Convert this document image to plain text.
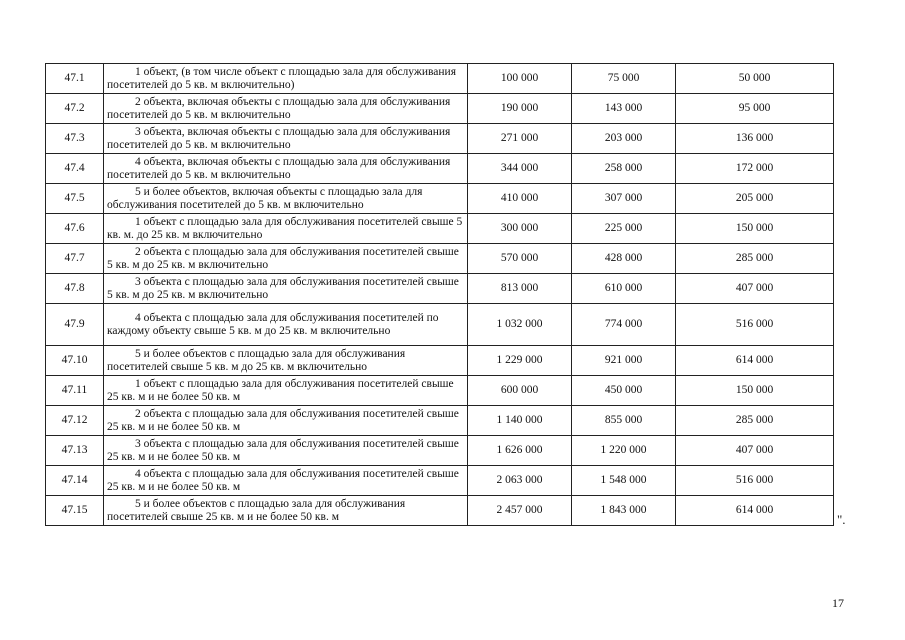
47.1	1 объект, (в том числе объект с площадью зала для обслуживания посетителей до 5 кв. м включительно)	100 000	75 000	50 000
47.2	2 объекта, включая объекты с площадью зала для обслуживания посетителей до 5 кв. м включительно	190 000	143 000	95 000
47.3	3 объекта, включая объекты с площадью зала для обслуживания посетителей до 5 кв. м включительно	271 000	203 000	136 000
47.4	4 объекта, включая объекты с площадью зала для обслуживания посетителей до 5 кв. м включительно	344 000	258 000	172 000
47.5	5 и более объектов, включая объекты с площадью зала для обслуживания посетителей до 5 кв. м включительно	410 000	307 000	205 000
47.6	1 объект с площадью зала для обслуживания посетителей свыше 5 кв. м. до 25 кв. м включительно	300 000	225 000	150 000
47.7	2 объекта с площадью зала для обслуживания посетителей свыше 5 кв. м до 25 кв. м включительно	570 000	428 000	285 000
47.8	3 объекта с площадью зала для обслуживания посетителей свыше 5 кв. м до 25 кв. м включительно	813 000	610 000	407 000
47.9	4 объекта с площадью зала для обслуживания посетителей по каждому объекту свыше 5 кв. м до 25 кв. м включительно	1 032 000	774 000	516 000
47.10	5 и более объектов с площадью зала для обслуживания посетителей свыше 5 кв. м до 25 кв. м включительно	1 229 000	921 000	614 000
47.11	1 объект с площадью зала для обслуживания посетителей свыше 25 кв. м и не более 50 кв. м	600 000	450 000	150 000
47.12	2 объекта с площадью зала для обслуживания посетителей свыше 25 кв. м и не более 50 кв. м	1 140 000	855 000	285 000
47.13	3 объекта с площадью зала для обслуживания посетителей свыше 25 кв. м и не более 50 кв. м	1 626 000	1 220 000	407 000
47.14	4 объекта с площадью зала для обслуживания посетителей свыше 25 кв. м и не более 50 кв. м	2 063 000	1 548 000	516 000
47.15	5 и более объектов с площадью зала для обслуживания посетителей свыше 25 кв. м и не более 50 кв. м	2 457 000	1 843 000	614 000
".
17
